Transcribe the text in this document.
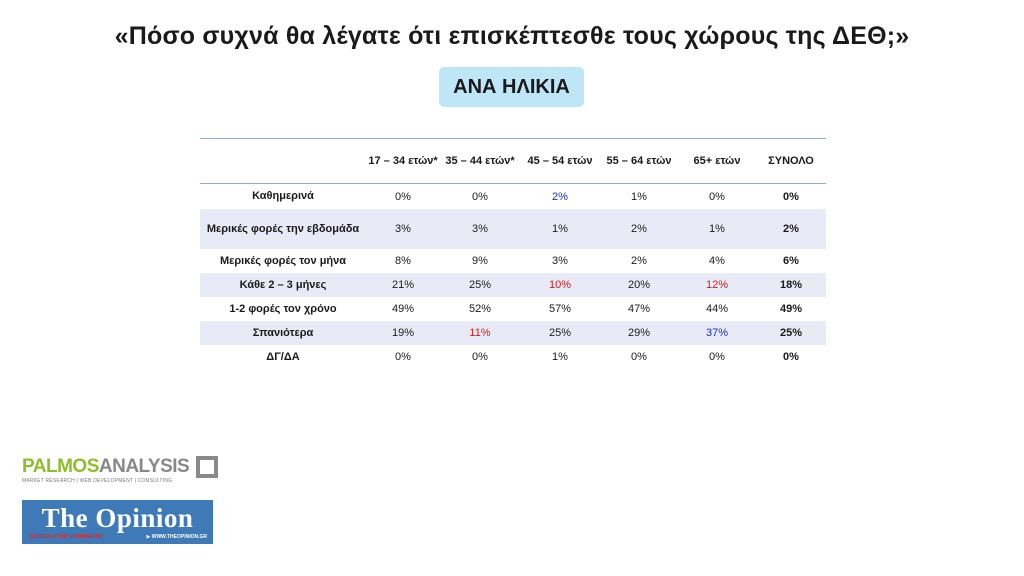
«Πόσο συχνά θα λέγατε ότι επισκέπτεσθε τους χώρους της ΔΕΘ;»
ΑΝΑ ΗΛΙΚΙΑ
	17 – 34 ετών*	35 – 44 ετών*	45 – 54 ετών	55 – 64 ετών	65+ ετών	ΣΥΝΟΛΟ
Καθημερινά	0%	0%	2%	1%	0%	0%
Μερικές φορές την εβδομάδα	3%	3%	1%	2%	1%	2%
Μερικές φορές τον μήνα	8%	9%	3%	2%	4%	6%
Κάθε 2 – 3 μήνες	21%	25%	10%	20%	12%	18%
1-2 φορές τον χρόνο	49%	52%	57%	47%	44%	49%
Σπανιότερα	19%	11%	25%	29%	37%	25%
ΔΓ/ΔΑ	0%	0%	1%	0%	0%	0%
PALMOSANALYSIS
MARKET RESEARCH | WEB DEVELOPMENT | CONSULTING
The Opinion
ΕΙΔΗΣΕΙΣ ΣΤΗΝ ΚΑΘΗΜΕΡΙΝΗ	▶ WWW.THEOPINION.GR
